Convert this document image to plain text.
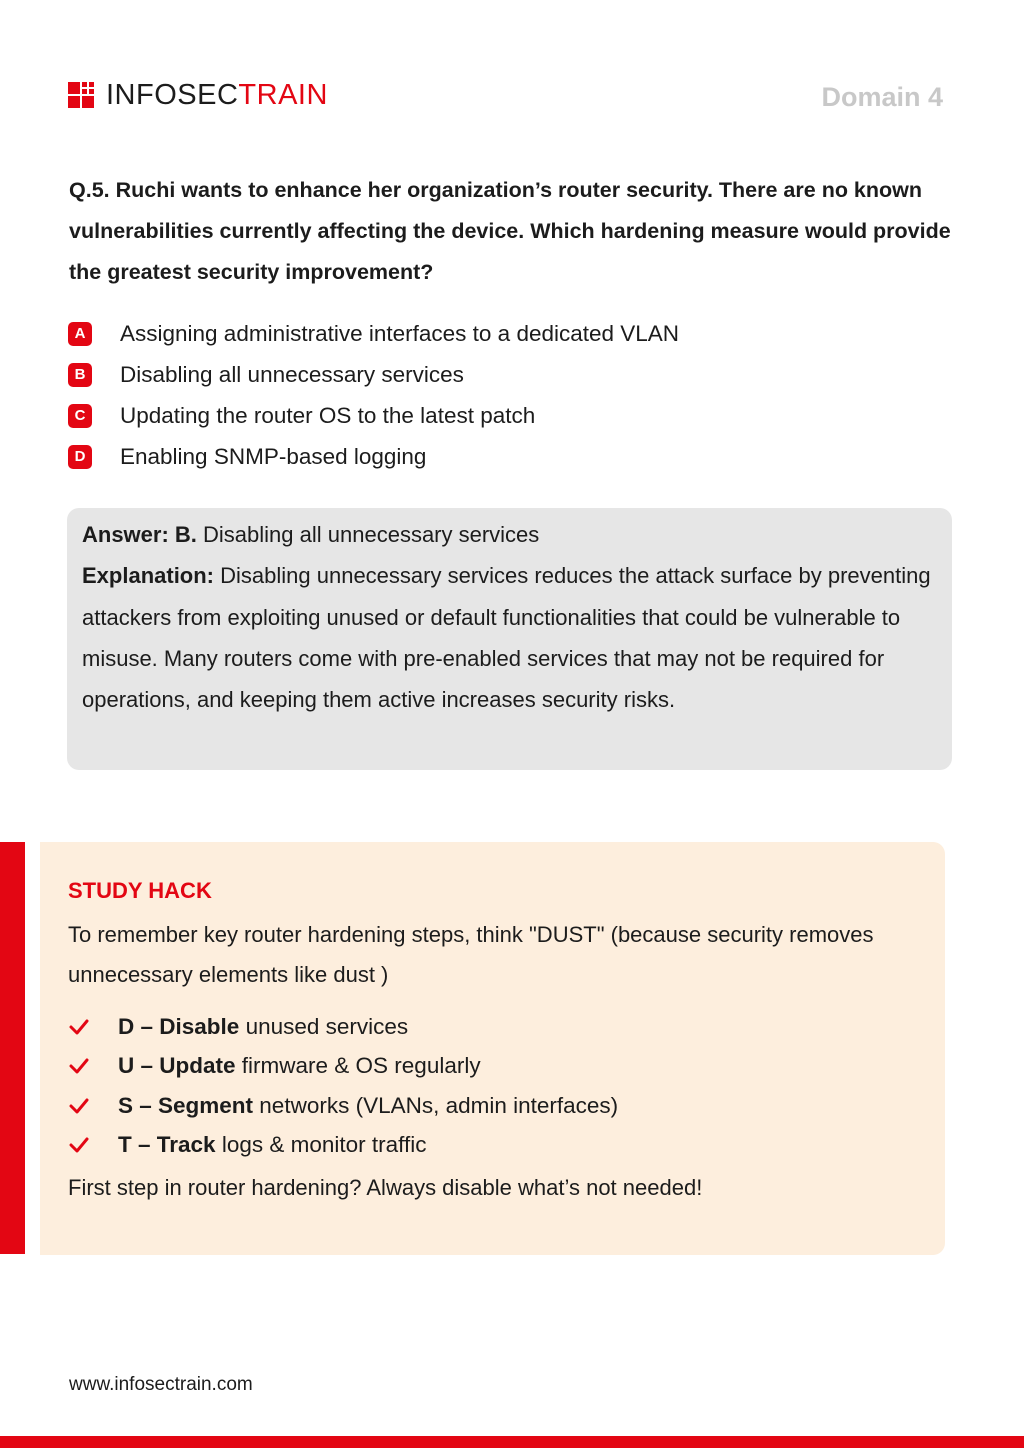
INFOSECTRAIN	Domain 4
Q.5. Ruchi wants to enhance her organization’s router security. There are no known vulnerabilities currently affecting the device. Which hardening measure would provide the greatest security improvement?
A Assigning administrative interfaces to a dedicated VLAN
B Disabling all unnecessary services
C Updating the router OS to the latest patch
D Enabling SNMP-based logging
Answer: B. Disabling all unnecessary services
Explanation: Disabling unnecessary services reduces the attack surface by preventing attackers from exploiting unused or default functionalities that could be vulnerable to misuse. Many routers come with pre-enabled services that may not be required for operations, and keeping them active increases security risks.
STUDY HACK
To remember key router hardening steps, think "DUST" (because security removes unnecessary elements like dust )
D – Disable unused services
U – Update firmware & OS regularly
S – Segment networks (VLANs, admin interfaces)
T – Track logs & monitor traffic
First step in router hardening? Always disable what’s not needed!
www.infosectrain.com
